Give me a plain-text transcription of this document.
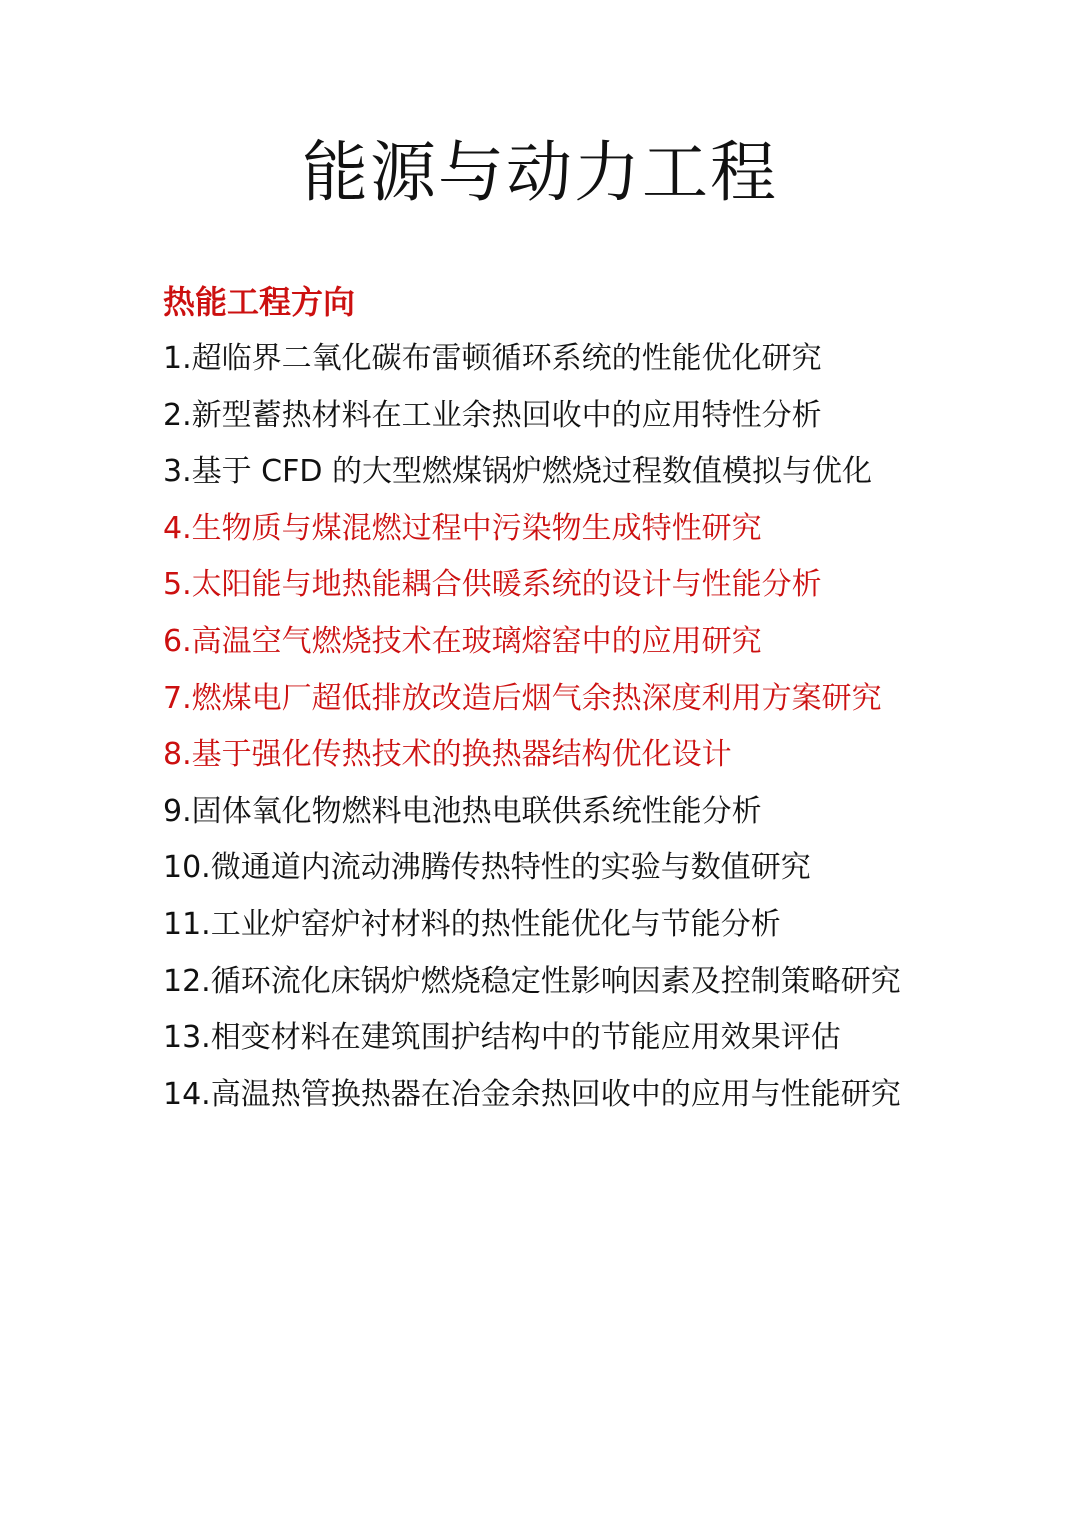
能源与动力工程
热能工程方向
1.超临界二氧化碳布雷顿循环系统的性能优化研究
2.新型蓄热材料在工业余热回收中的应用特性分析
3.基于 CFD 的大型燃煤锅炉燃烧过程数值模拟与优化
4.生物质与煤混燃过程中污染物生成特性研究
5.太阳能与地热能耦合供暖系统的设计与性能分析
6.高温空气燃烧技术在玻璃熔窑中的应用研究
7.燃煤电厂超低排放改造后烟气余热深度利用方案研究
8.基于强化传热技术的换热器结构优化设计
9.固体氧化物燃料电池热电联供系统性能分析
10.微通道内流动沸腾传热特性的实验与数值研究
11.工业炉窑炉衬材料的热性能优化与节能分析
12.循环流化床锅炉燃烧稳定性影响因素及控制策略研究
13.相变材料在建筑围护结构中的节能应用效果评估
14.高温热管换热器在冶金余热回收中的应用与性能研究
